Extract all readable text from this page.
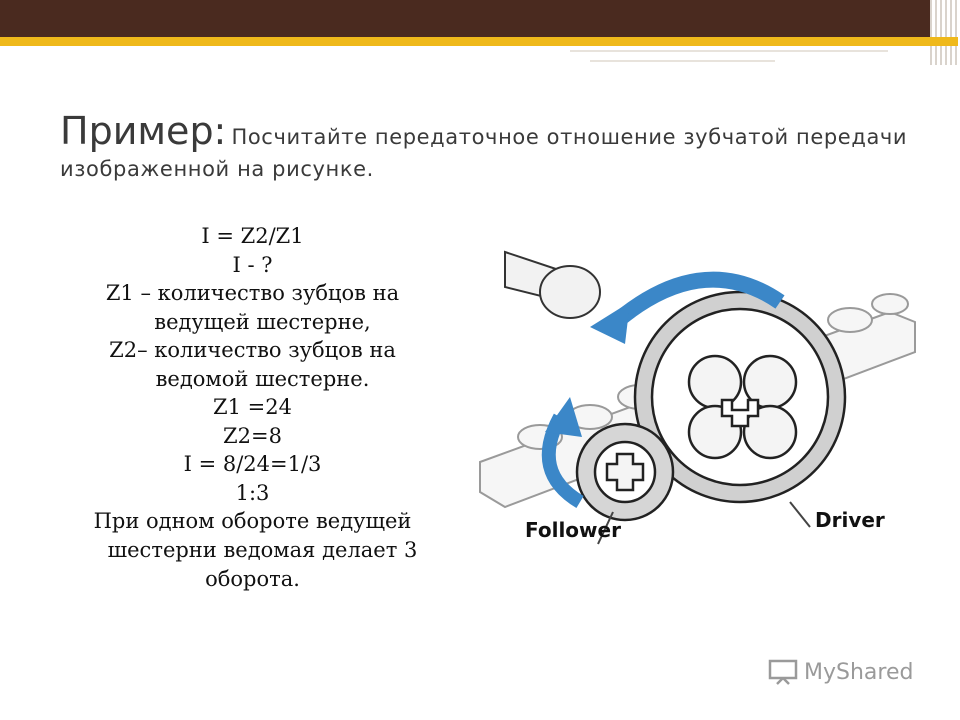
Пример: Посчитайте передаточное отношение зубчатой передачи изображенной на рисунке.
I = Z2/Z1
I - ?
Z1 – количество зубцов на
ведущей шестерне,
Z2– количество зубцов на
ведомой шестерне.
Z1 =24
Z2=8
I = 8/24=1/3
1:3
При одном обороте ведущей
шестерни ведомая делает 3
оборота.
Follower	Driver
MyShared
